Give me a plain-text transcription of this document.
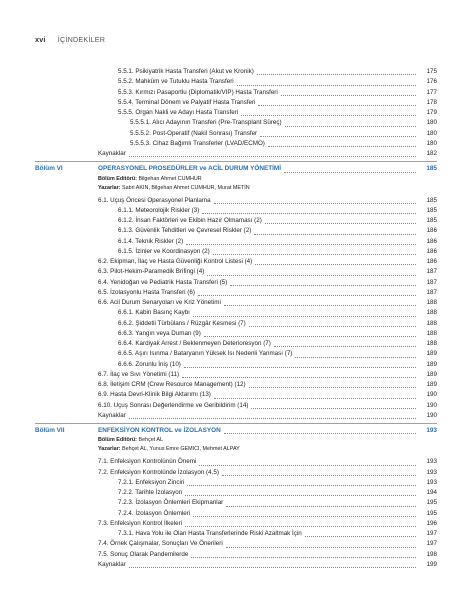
xvi İÇİNDEKİLER
5.5.1. Psikiyatrik Hasta Transferi (Akut ve Kronik)	175
5.5.2. Mahkûm ve Tutuklu Hasta Transferi	176
5.5.3. Kırmızı Pasaportlu (Diplomatik/VIP) Hasta Transferi	177
5.5.4. Terminal Dönem ve Palyatif Hasta Transferi	178
5.5.5. Organ Nakli ve Adayı Hasta Transferi	179
5.5.5.1. Alıcı Adayının Transferi (Pre-Transplant Süreç)	180
5.5.5.2. Post-Operatif (Nakil Sonrası) Transfer	180
5.5.5.3. Cihaz Bağımlı Transferler (LVAD/ECMO)	180
Kaynaklar	182
Bölüm VI	OPERASYONEL PROSEDÜRLER ve ACİL DURUM YÖNETİMİ	185
Bölüm Editörü: Bilgehan Ahmet CUMHUR
Yazarlar: Sabri AKIN, Bilgehan Ahmet CUMHUR, Murat METİN
6.1. Uçuş Öncesi Operasyonel Planlama	185
6.1.1. Meteorolojik Riskler (3)	185
6.1.2. İnsan Faktörleri ve Ekibin Hazır Olmaması (2)	185
6.1.3. Güvenlik Tehditleri ve Çevresel Riskler (2)	186
6.1.4. Teknik Riskler (2)	186
6.1.5. İzinler ve Koordinasyon (2)	186
6.2. Ekipman, İlaç ve Hasta Güvenliği Kontrol Listesi (4)	186
6.3. Pilot-Hekim-Paramedik Brifingi (4)	187
6.4. Yenidoğan ve Pediatrik Hasta Transferi (5)	187
6.5. İzolasyonlu Hasta Transferi (6)	187
6.6. Acil Durum Senaryoları ve Kriz Yönetimi	188
6.6.1. Kabin Basınç Kaybı	188
6.6.2. Şiddetli Türbülans / Rüzgâr Kesmesi (7)	188
6.6.3. Yangın veya Duman (9)	188
6.6.4. Kardiyak Arrest / Beklenmeyen Deterioresyon (7)	188
6.6.5. Aşırı Isınma / Bataryanın Yüksek Isı Nedenli Yanması (7)	189
6.6.6. Zorunlu İniş (10)	189
6.7. İlaç ve Sıvı Yönetimi (11)	189
6.8. İletişim CRM (Crew Resource Management) (12)	189
6.9. Hasta Devri-Klinik Bilgi Aktarımı (13)	190
6.10. Uçuş Sonrası Değerlendirme ve Geribildirim (14)	190
Kaynaklar	190
Bölüm VII	ENFEKSİYON KONTROL ve İZOLASYON	193
Bölüm Editörü: Behçet AL
Yazarlar: Behçet AL, Yunus Emre GEMICI, Mehmet ALPAY
7.1. Enfeksiyon Kontrolünün Önemi	193
7.2. Enfeksiyon Kontrolünde İzolasyon (4,5)	193
7.2.1. Enfeksiyon Zinciri	193
7.2.2. Tarihte İzolasyon	194
7.2.3. İzolasyon Önlemleri Ekipmanlar	195
7.2.4. İzolasyon Önlemleri	195
7.3. Enfeksiyon Kontrol İlkeleri	196
7.3.1. Hava Yolu ile Olan Hasta Transferlerinde Riski Azaltmak İçin	197
7.4. Örnek Çalışmalar, Sonuçları Ve Önerileri	197
7.5. Sonuç Olarak Pandemilerde	198
Kaynaklar	199
